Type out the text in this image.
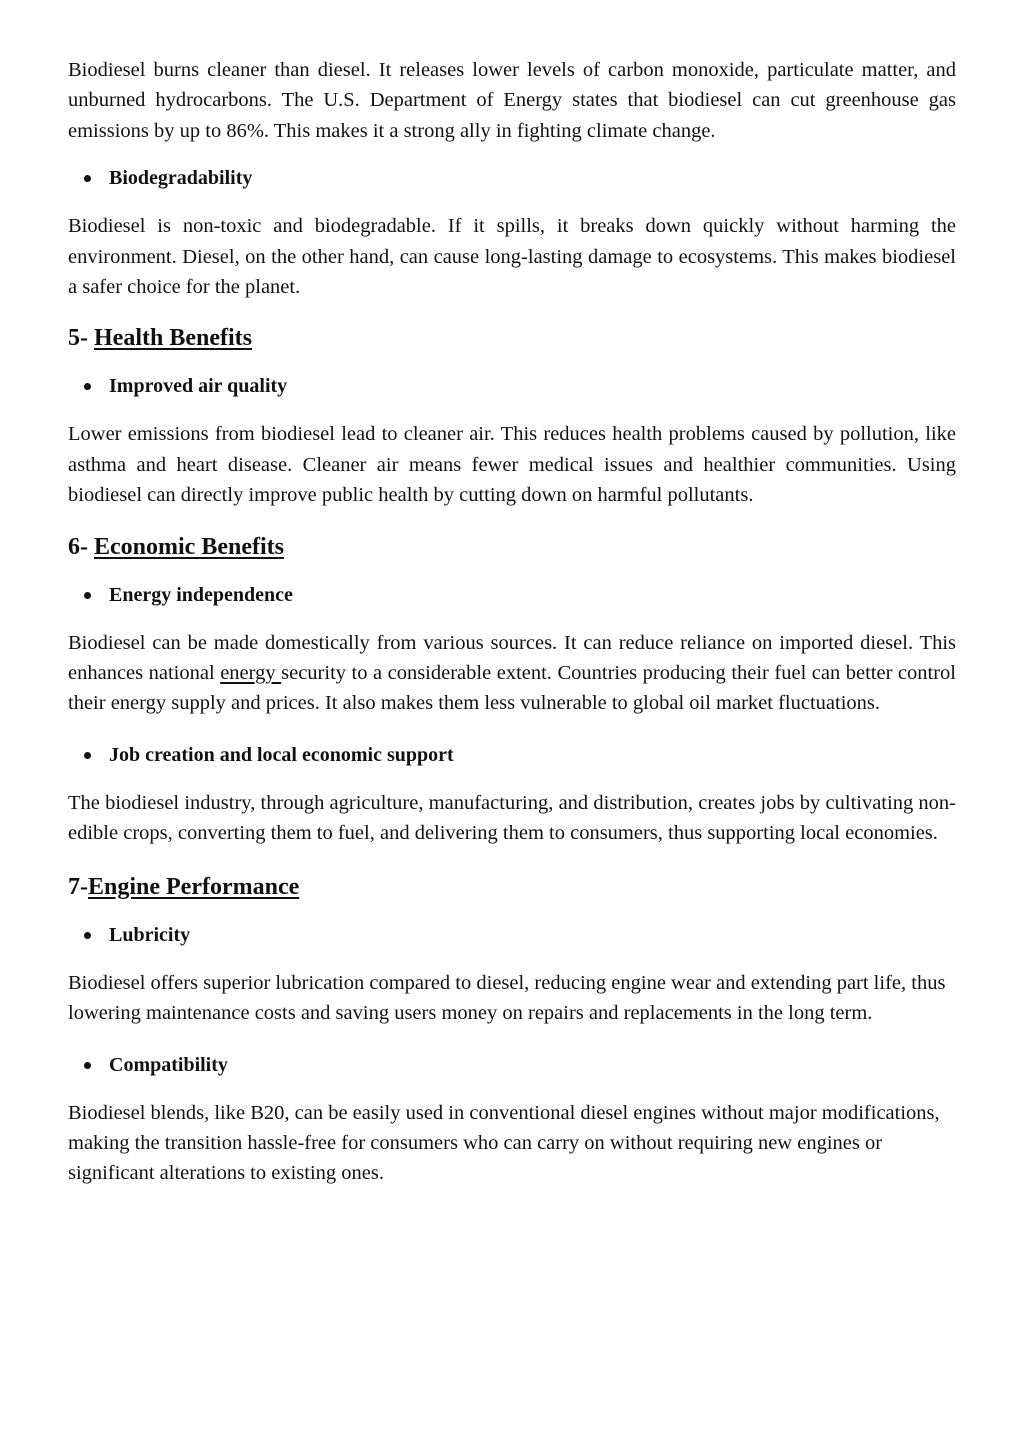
Biodiesel burns cleaner than diesel. It releases lower levels of carbon monoxide, particulate matter, and unburned hydrocarbons. The U.S. Department of Energy states that biodiesel can cut greenhouse gas emissions by up to 86%. This makes it a strong ally in fighting climate change.

Biodegradability

Biodiesel is non-toxic and biodegradable. If it spills, it breaks down quickly without harming the environment. Diesel, on the other hand, can cause long-lasting damage to ecosystems. This makes biodiesel a safer choice for the planet.

5- Health Benefits
Improved air quality

Lower emissions from biodiesel lead to cleaner air. This reduces health problems caused by pollution, like asthma and heart disease. Cleaner air means fewer medical issues and healthier communities. Using biodiesel can directly improve public health by cutting down on harmful pollutants.

6- Economic Benefits
Energy independence

Biodiesel can be made domestically from various sources. It can reduce reliance on imported diesel. This enhances national energy security to a considerable extent. Countries producing their fuel can better control their energy supply and prices. It also makes them less vulnerable to global oil market fluctuations.

Job creation and local economic support

The biodiesel industry, through agriculture, manufacturing, and distribution, creates jobs by cultivating non-edible crops, converting them to fuel, and delivering them to consumers, thus supporting local economies.

7-Engine Performance
Lubricity

Biodiesel offers superior lubrication compared to diesel, reducing engine wear and extending part life, thus lowering maintenance costs and saving users money on repairs and replacements in the long term.

Compatibility

Biodiesel blends, like B20, can be easily used in conventional diesel engines without major modifications, making the transition hassle-free for consumers who can carry on without requiring new engines or significant alterations to existing ones.
